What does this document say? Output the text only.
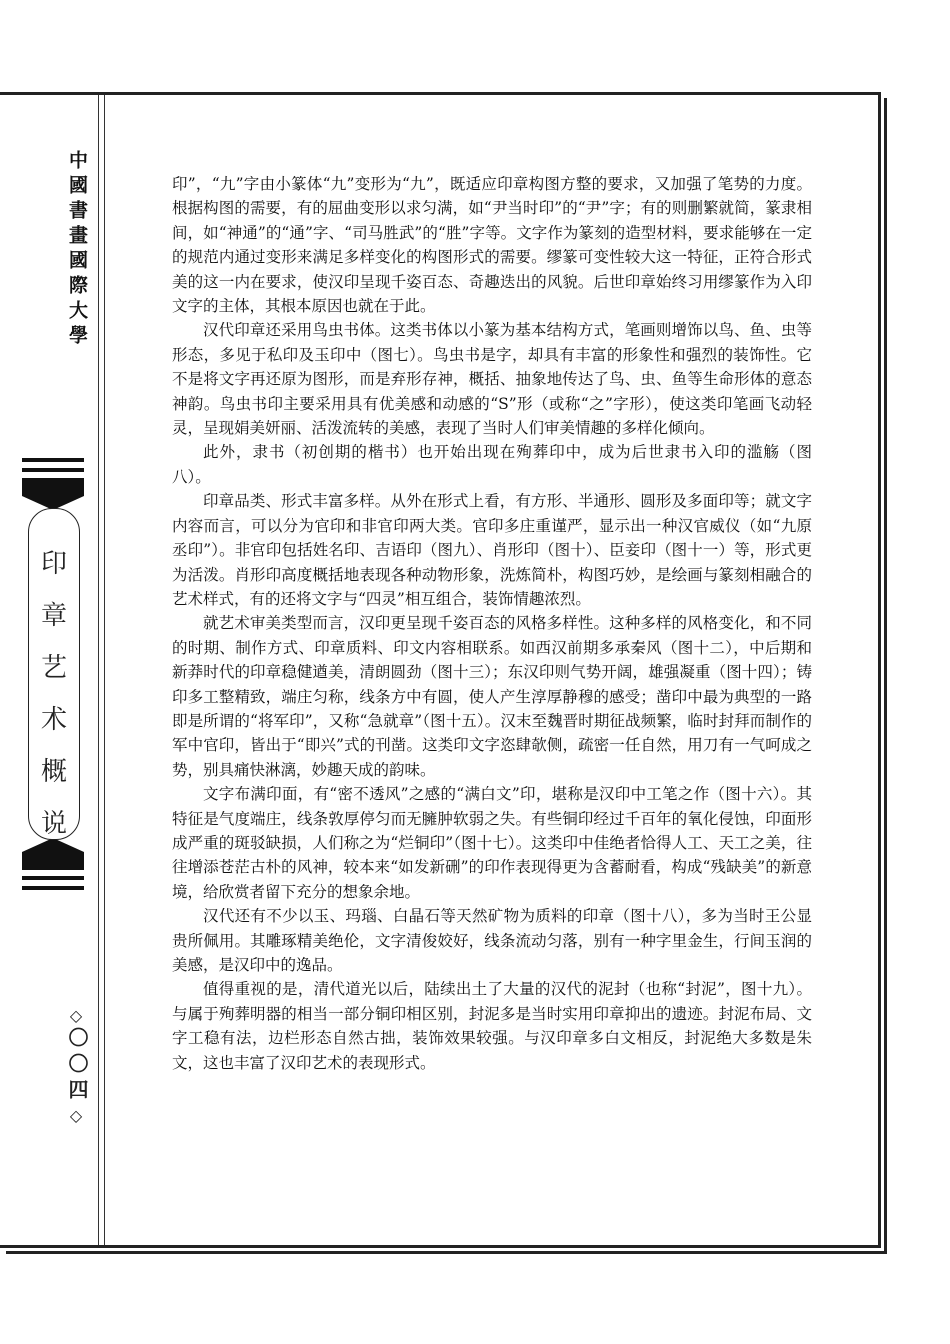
中國書畫國際大學
印章艺术概说
◇
〇〇四
◇

印”，“九”字由小篆体“九”变形为“九”，既适应印章构图方整的要求，又加强了笔势的力度。根据构图的需要，有的屈曲变形以求匀满，如“尹当时印”的“尹”字；有的则删繁就简，篆隶相间，如“神通”的“通”字、“司马胜武”的“胜”字等。文字作为篆刻的造型材料，要求能够在一定的规范内通过变形来满足多样变化的构图形式的需要。缪篆可变性较大这一特征，正符合形式美的这一内在要求，使汉印呈现千姿百态、奇趣迭出的风貌。后世印章始终习用缪篆作为入印文字的主体，其根本原因也就在于此。

汉代印章还采用鸟虫书体。这类书体以小篆为基本结构方式，笔画则增饰以鸟、鱼、虫等形态，多见于私印及玉印中（图七）。鸟虫书是字，却具有丰富的形象性和强烈的装饰性。它不是将文字再还原为图形，而是弃形存神，概括、抽象地传达了鸟、虫、鱼等生命形体的意态神韵。鸟虫书印主要采用具有优美感和动感的“S”形（或称“之”字形），使这类印笔画飞动轻灵，呈现娟美妍丽、活泼流转的美感，表现了当时人们审美情趣的多样化倾向。

此外，隶书（初创期的楷书）也开始出现在殉葬印中，成为后世隶书入印的滥觞（图八）。

印章品类、形式丰富多样。从外在形式上看，有方形、半通形、圆形及多面印等；就文字内容而言，可以分为官印和非官印两大类。官印多庄重谨严，显示出一种汉官威仪（如“九原丞印”）。非官印包括姓名印、吉语印（图九）、肖形印（图十）、臣妾印（图十一）等，形式更为活泼。肖形印高度概括地表现各种动物形象，洗炼简朴，构图巧妙，是绘画与篆刻相融合的艺术样式，有的还将文字与“四灵”相互组合，装饰情趣浓烈。

就艺术审美类型而言，汉印更呈现千姿百态的风格多样性。这种多样的风格变化，和不同的时期、制作方式、印章质料、印文内容相联系。如西汉前期多承秦风（图十二），中后期和新莽时代的印章稳健遒美，清朗圆劲（图十三）；东汉印则气势开阔，雄强凝重（图十四）；铸印多工整精致，端庄匀称，线条方中有圆，使人产生淳厚静穆的感受；凿印中最为典型的一路即是所谓的“将军印”，又称“急就章”（图十五）。汉末至魏晋时期征战频繁，临时封拜而制作的军中官印，皆出于“即兴”式的刊凿。这类印文字恣肆欹侧，疏密一任自然，用刀有一气呵成之势，别具痛快淋漓，妙趣天成的韵味。

文字布满印面，有“密不透风”之感的“满白文”印，堪称是汉印中工笔之作（图十六）。其特征是气度端庄，线条敦厚停匀而无臃肿软弱之失。有些铜印经过千百年的氧化侵蚀，印面形成严重的斑驳缺损，人们称之为“烂铜印”（图十七）。这类印中佳绝者恰得人工、天工之美，往往增添苍茫古朴的风神，较本来“如发新硎”的印作表现得更为含蓄耐看，构成“残缺美”的新意境，给欣赏者留下充分的想象余地。

汉代还有不少以玉、玛瑙、白晶石等天然矿物为质料的印章（图十八），多为当时王公显贵所佩用。其雕琢精美绝伦，文字清俊姣好，线条流动匀落，别有一种字里金生，行间玉润的美感，是汉印中的逸品。

值得重视的是，清代道光以后，陆续出土了大量的汉代的泥封（也称“封泥”，图十九）。与属于殉葬明器的相当一部分铜印相区别，封泥多是当时实用印章抑出的遗迹。封泥布局、文字工稳有法，边栏形态自然古拙，装饰效果较强。与汉印章多白文相反，封泥绝大多数是朱文，这也丰富了汉印艺术的表现形式。
